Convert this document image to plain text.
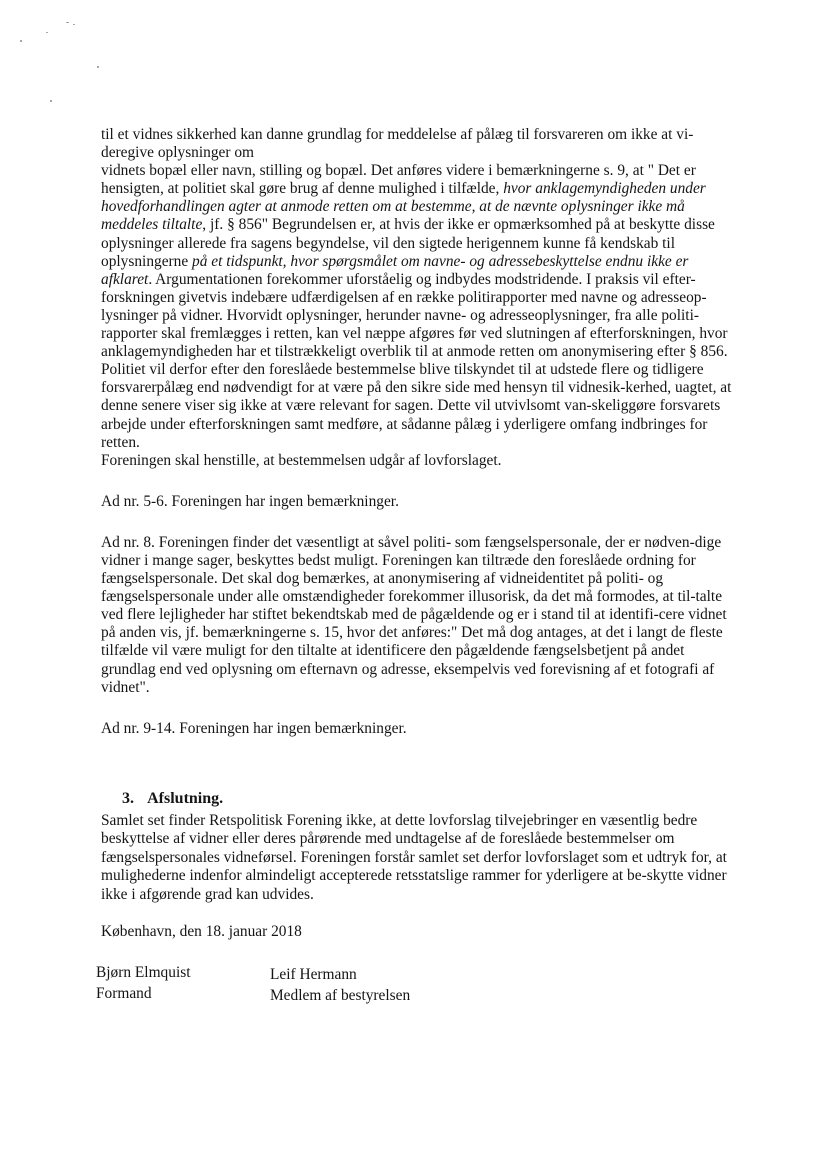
til et vidnes sikkerhed kan danne grundlag for meddelelse af pålæg til forsvareren om ikke at vi-
deregive oplysninger om
vidnets bopæl eller navn, stilling og bopæl. Det anføres videre i bemærkningerne s. 9, at " Det er hensigten, at politiet skal gøre brug af denne mulighed i tilfælde, hvor anklagemyndigheden under hovedforhandlingen agter at anmode retten om at bestemme, at de nævnte oplysninger ikke må meddeles tiltalte, jf. § 856" Begrundelsen er, at hvis der ikke er opmærksomhed på at beskytte disse oplysninger allerede fra sagens begyndelse, vil den sigtede herigennem kunne få kendskab til oplysningerne på et tidspunkt, hvor spørgsmålet om navne- og adressebeskyttelse endnu ikke er afklaret. Argumentationen forekommer uforståelig og indbydes modstridende. I praksis vil efter-forskningen givetvis indebære udfærdigelsen af en række politirapporter med navne og adresseop-lysninger på vidner. Hvorvidt oplysninger, herunder navne- og adresseoplysninger, fra alle politi-rapporter skal fremlægges i retten, kan vel næppe afgøres før ved slutningen af efterforskningen, hvor anklagemyndigheden har et tilstrækkeligt overblik til at anmode retten om anonymisering efter § 856. Politiet vil derfor efter den foreslåede bestemmelse blive tilskyndet til at udstede flere og tidligere forsvarerpålæg end nødvendigt for at være på den sikre side med hensyn til vidnesik-kerhed, uagtet, at denne senere viser sig ikke at være relevant for sagen. Dette vil utvivlsomt van-skeliggøre forsvarets arbejde under efterforskningen samt medføre, at sådanne pålæg i yderligere omfang indbringes for retten.

Foreningen skal henstille, at bestemmelsen udgår af lovforslaget.

Ad nr. 5-6. Foreningen har ingen bemærkninger.

Ad nr. 8. Foreningen finder det væsentligt at såvel politi- som fængselspersonale, der er nødven-dige vidner i mange sager, beskyttes bedst muligt. Foreningen kan tiltræde den foreslåede ordning for fængselspersonale. Det skal dog bemærkes, at anonymisering af vidneidentitet på politi- og fængselspersonale under alle omstændigheder forekommer illusorisk, da det må formodes, at til-talte ved flere lejligheder har stiftet bekendtskab med de pågældende og er i stand til at identifi-cere vidnet på anden vis, jf. bemærkningerne s. 15, hvor det anføres:" Det må dog antages, at det i langt de fleste

tilfælde vil være muligt for den tiltalte at identificere den pågældende fængselsbetjent på andet grundlag end ved oplysning om efternavn og adresse, eksempelvis ved forevisning af et fotografi af vidnet".

Ad nr. 9-14. Foreningen har ingen bemærkninger.

3. Afslutning.

Samlet set finder Retspolitisk Forening ikke, at dette lovforslag tilvejebringer en væsentlig bedre beskyttelse af vidner eller deres pårørende med undtagelse af de foreslåede bestemmelser om fængselspersonales vidneførsel. Foreningen forstår samlet set derfor lovforslaget som et udtryk for, at mulighederne indenfor almindeligt accepterede retsstatslige rammer for yderligere at be-skytte vidner ikke i afgørende grad kan udvides.

København, den 18. januar 2018
Bjørn Elmquist
Formand
Leif Hermann
Medlem af bestyrelsen
